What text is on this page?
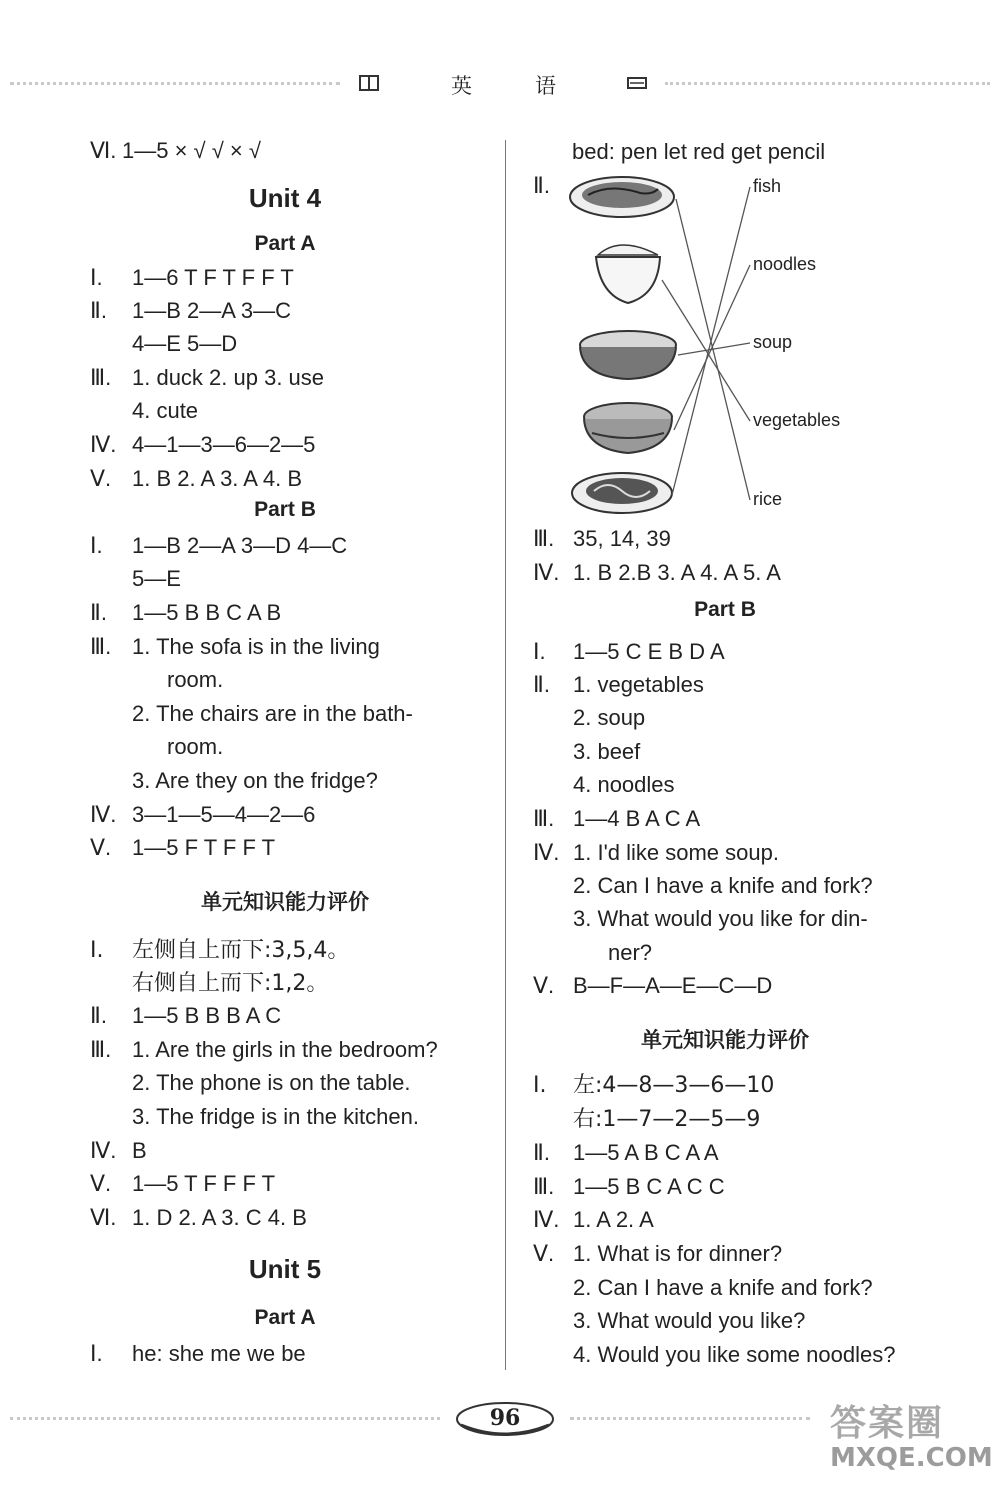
英	语
Ⅵ. 1—5 × √ √ × √
Unit 4
Part A
Ⅰ. 1—6 T F T F F T
Ⅱ. 1—B 2—A 3—C
4—E 5—D
Ⅲ. 1. duck 2. up 3. use
4. cute
Ⅳ. 4—1—3—6—2—5
Ⅴ. 1. B 2. A 3. A 4. B
Part B
Ⅰ. 1—B 2—A 3—D 4—C
5—E
Ⅱ. 1—5 B B C A B
Ⅲ. 1. The sofa is in the living
room.
2. The chairs are in the bath-
room.
3. Are they on the fridge?
Ⅳ. 3—1—5—4—2—6
Ⅴ. 1—5 F T F F T
单元知识能力评价
Ⅰ. 左侧自上而下:3,5,4。
右侧自上而下:1,2。
Ⅱ. 1—5 B B B A C
Ⅲ. 1. Are the girls in the bedroom?
2. The phone is on the table.
3. The fridge is in the kitchen.
Ⅳ. B
Ⅴ. 1—5 T F F F T
Ⅵ. 1. D 2. A 3. C 4. B
Unit 5
Part A
Ⅰ. he: she me we be
bed: pen let red get pencil
Ⅱ.	fish
noodles
soup
vegetables
rice
Ⅲ. 35, 14, 39
Ⅳ. 1. B 2.B 3. A 4. A 5. A
Part B
Ⅰ. 1—5 C E B D A
Ⅱ. 1. vegetables
2. soup
3. beef
4. noodles
Ⅲ. 1—4 B A C A
Ⅳ. 1. I'd like some soup.
2. Can I have a knife and fork?
3. What would you like for din-
ner?
Ⅴ. B—F—A—E—C—D
单元知识能力评价
Ⅰ. 左:4—8—3—6—10
右:1—7—2—5—9
Ⅱ. 1—5 A B C A A
Ⅲ. 1—5 B C A C C
Ⅳ. 1. A 2. A
Ⅴ. 1. What is for dinner?
2. Can I have a knife and fork?
3. What would you like?
4. Would you like some noodles?
96	答案圈
MXQE.COM
